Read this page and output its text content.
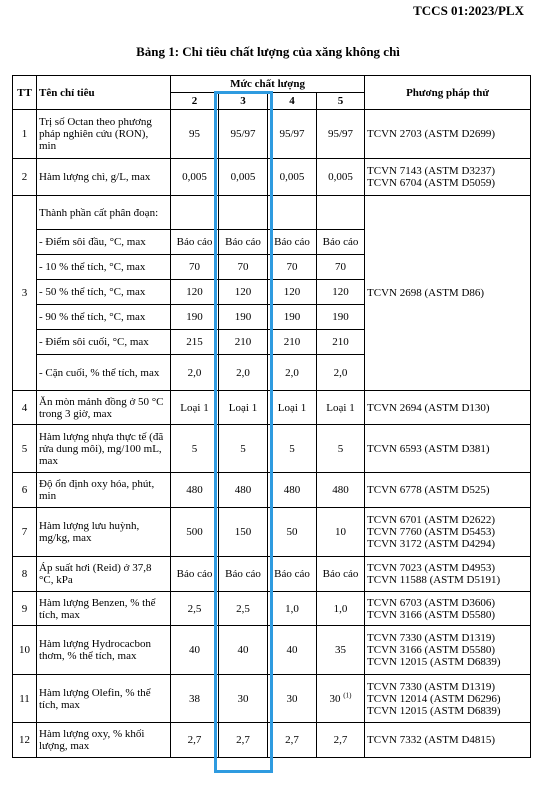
TCCS 01:2023/PLX
Bảng 1: Chỉ tiêu chất lượng của xăng không chì
TT	Tên chỉ tiêu	Mức chất lượng				Phương pháp thử
		2	3	4	5	
1	Trị số Octan theo phương pháp nghiên cứu (RON), min	95	95/97	95/97	95/97	TCVN 2703 (ASTM D2699)

2	Hàm lượng chì, g/L, max	0,005	0,005	0,005	0,005	TCVN 7143 (ASTM D3237)
TCVN 6704 (ASTM D5059)

3	Thành phần cất phân đoạn:					TCVN 2698 (ASTM D86)

	- Điểm sôi đầu, °C, max	Báo cáo	Báo cáo	Báo cáo	Báo cáo	
	- 10 % thể tích, °C, max	70	70	70	70	
	- 50 % thể tích, °C, max	120	120	120	120	
	- 90 % thể tích, °C, max	190	190	190	190	
	- Điểm sôi cuối, °C, max	215	210	210	210	
	- Cặn cuối, % thể tích, max	2,0	2,0	2,0	2,0	
4	Ăn mòn mảnh đồng ở 50 °C trong 3 giờ, max	Loại 1	Loại 1	Loại 1	Loại 1	TCVN 2694 (ASTM D130)

5	Hàm lượng nhựa thực tế (đã rửa dung môi), mg/100 mL, max	5	5	5	5	TCVN 6593 (ASTM D381)

6	Độ ổn định oxy hóa, phút, min	480	480	480	480	TCVN 6778 (ASTM D525)

7	Hàm lượng lưu huỳnh, mg/kg, max	500	150	50	10	TCVN 6701 (ASTM D2622)
TCVN 7760 (ASTM D5453)
TCVN 3172 (ASTM D4294)

8	Áp suất hơi (Reid) ở 37,8 °C, kPa	Báo cáo	Báo cáo	Báo cáo	Báo cáo	TCVN 7023 (ASTM D4953)
TCVN 11588 (ASTM D5191)

9	Hàm lượng Benzen, % thể tích, max	2,5	2,5	1,0	1,0	TCVN 6703 (ASTM D3606)
TCVN 3166 (ASTM D5580)

10	Hàm lượng Hydrocacbon thơm, % thể tích, max	40	40	40	35	TCVN 7330 (ASTM D1319)
TCVN 3166 (ASTM D5580)
TCVN 12015 (ASTM D6839)

11	Hàm lượng Olefin, % thể tích, max	38	30	30	30 $^{(1)}$	TCVN 7330 (ASTM D1319)
TCVN 12014 (ASTM D6296)
TCVN 12015 (ASTM D6839)

12	Hàm lượng oxy, % khối lượng, max	2,7	2,7	2,7	2,7	TCVN 7332 (ASTM D4815)
